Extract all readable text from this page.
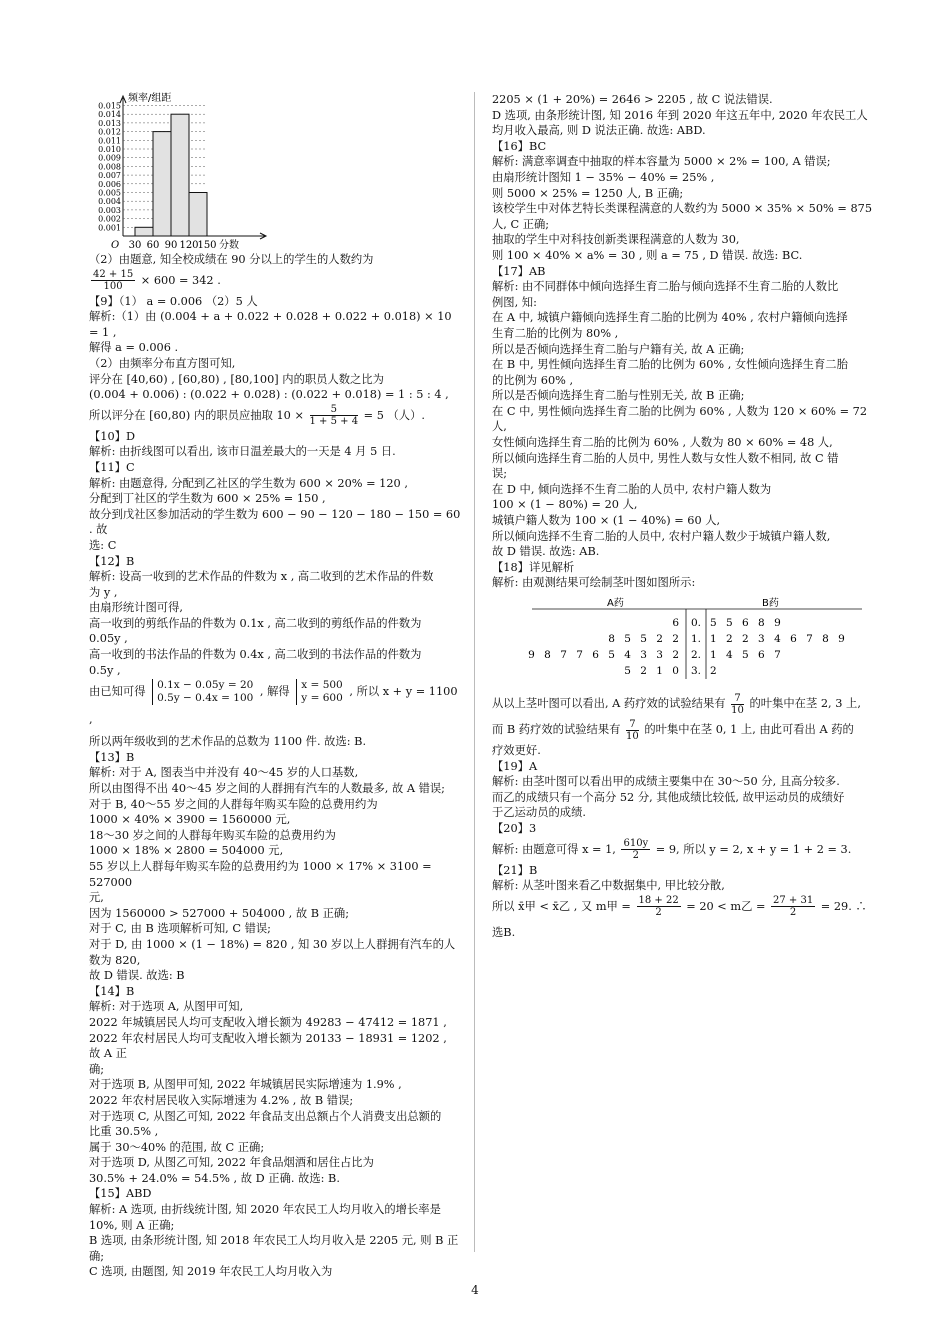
频率/组距
O
0.015
0.014
0.013
0.012
0.011
0.010
0.009
0.008
0.007
0.006
0.005
0.004
0.003
0.002
0.001
30 60 90 120
150 分数

（2）由题意, 知全校成绩在 90 分以上的学生的人数约为

$\frac{42 + 15}{100} \times 600 = 342$ .

【9】（1） a = 0.006 （2）5 人

解析:（1）由 (0.004 + a + 0.022 + 0.028 + 0.022 + 0.018) × 10 = 1 ,

解得 a = 0.006 .

（2）由频率分布直方图可知,

评分在 [40,60) , [60,80) , [80,100] 内的职员人数之比为

(0.004 + 0.006) : (0.022 + 0.028) : (0.022 + 0.018) = 1 : 5 : 4 ,

所以评分在 [60,80) 内的职员应抽取 $10 \times \frac{5}{1 + 5 + 4} = 5$ （人）.

【10】D

解析: 由折线图可以看出, 该市日温差最大的一天是 4 月 5 日.

【11】C

解析: 由题意得, 分配到乙社区的学生数为 600 × 20% = 120 ,

分配到丁社区的学生数为 600 × 25% = 150 ,

故分到戊社区参加活动的学生数为 600 − 90 − 120 − 180 − 150 = 60 . 故

选: C

【12】B

解析: 设高一收到的艺术作品的件数为 x , 高二收到的艺术作品的件数

为 y ,

由扇形统计图可得,

高一收到的剪纸作品的件数为 0.1x , 高二收到的剪纸作品的件数为

0.05y ,

高一收到的书法作品的件数为 0.4x , 高二收到的书法作品的件数为

0.5y ,

由已知可得 0.1x − 0.05y = 20
0.5y − 0.4x = 100 , 解得 x = 500
y = 600 , 所以 x + y = 1100 ,

所以两年级收到的艺术作品的总数为 1100 件. 故选: B.

【13】B

解析: 对于 A, 图表当中并没有 40～45 岁的人口基数,

所以由图得不出 40～45 岁之间的人群拥有汽车的人数最多, 故 A 错误;

对于 B, 40～55 岁之间的人群每年购买车险的总费用约为

1000 × 40% × 3900 = 1560000 元,

18～30 岁之间的人群每年购买车险的总费用约为

1000 × 18% × 2800 = 504000 元,

55 岁以上人群每年购买车险的总费用约为 1000 × 17% × 3100 = 527000

元,

因为 1560000 > 527000 + 504000 , 故 B 正确;

对于 C, 由 B 选项解析可知, C 错误;

对于 D, 由 1000 × (1 − 18%) = 820 , 知 30 岁以上人群拥有汽车的人数为 820,

故 D 错误. 故选: B

【14】B

解析: 对于选项 A, 从图甲可知,

2022 年城镇居民人均可支配收入增长额为 49283 − 47412 = 1871 ,

2022 年农村居民人均可支配收入增长额为 20133 − 18931 = 1202 , 故 A 正

确;

对于选项 B, 从图甲可知, 2022 年城镇居民实际增速为 1.9% ,

2022 年农村居民收入实际增速为 4.2% , 故 B 错误;

对于选项 C, 从图乙可知, 2022 年食品支出总额占个人消费支出总额的

比重 30.5% ,

属于 30～40% 的范围, 故 C 正确;

对于选项 D, 从图乙可知, 2022 年食品烟酒和居住占比为

30.5% + 24.0% = 54.5% , 故 D 正确. 故选: B.

【15】ABD

解析: A 选项, 由折线统计图, 知 2020 年农民工人均月收入的增长率是

10%, 则 A 正确;

B 选项, 由条形统计图, 知 2018 年农民工人均月收入是 2205 元, 则 B 正

确;

C 选项, 由题图, 知 2019 年农民工人均月收入为

2205 × (1 + 20%) = 2646 > 2205 , 故 C 说法错误.

D 选项, 由条形统计图, 知 2016 年到 2020 年这五年中, 2020 年农民工人

均月收入最高, 则 D 说法正确. 故选: ABD.

【16】BC

解析: 满意率调查中抽取的样本容量为 5000 × 2% = 100, A 错误;

由扇形统计图知 1 − 35% − 40% = 25% ,

则 5000 × 25% = 1250 人, B 正确;

该校学生中对体艺特长类课程满意的人数约为 5000 × 35% × 50% = 875

人, C 正确;

抽取的学生中对科技创新类课程满意的人数为 30,

则 100 × 40% × a% = 30 , 则 a = 75 , D 错误. 故选: BC.

【17】AB

解析: 由不同群体中倾向选择生育二胎与倾向选择不生育二胎的人数比

例图, 知:

在 A 中, 城镇户籍倾向选择生育二胎的比例为 40% , 农村户籍倾向选择

生育二胎的比例为 80% ,

所以是否倾向选择生育二胎与户籍有关, 故 A 正确;

在 B 中, 男性倾向选择生育二胎的比例为 60% , 女性倾向选择生育二胎

的比例为 60% ,

所以是否倾向选择生育二胎与性别无关, 故 B 正确;

在 C 中, 男性倾向选择生育二胎的比例为 60% , 人数为 120 × 60% = 72

人,

女性倾向选择生育二胎的比例为 60% , 人数为 80 × 60% = 48 人,

所以倾向选择生育二胎的人员中, 男性人数与女性人数不相同, 故 C 错

误;

在 D 中, 倾向选择不生育二胎的人员中, 农村户籍人数为

100 × (1 − 80%) = 20 人,

城镇户籍人数为 100 × (1 − 40%) = 60 人,

所以倾向选择不生育二胎的人员中, 农村户籍人数少于城镇户籍人数,

故 D 错误. 故选: AB.

【18】详见解析

解析: 由观测结果可绘制茎叶图如图所示:

A药	B药
6 0. 5 5 6 8 9
8 5 5 2 2 1. 1 2 2 3 4 6 7 8 9
9 8 7 7 6 5 4 3 3 2 2. 1 4 5 6 7
5 2 1 0 3. 2

从以上茎叶图可以看出, A 药疗效的试验结果有 $\frac{7}{10}$ 的叶集中在茎 2, 3 上,

而 B 药疗效的试验结果有 $\frac{7}{10}$ 的叶集中在茎 0, 1 上, 由此可看出 A 药的

疗效更好.

【19】A

解析: 由茎叶图可以看出甲的成绩主要集中在 30～50 分, 且高分较多.

而乙的成绩只有一个高分 52 分, 其他成绩比较低, 故甲运动员的成绩好

于乙运动员的成绩.

【20】3

解析: 由题意可得 x = 1, $\frac{610y}{2} = 9$, 所以 y = 2, x + y = 1 + 2 = 3.

【21】B

解析: 从茎叶图来看乙中数据集中, 甲比较分散,

所以 x̄甲 < x̄乙 , 又 m甲 = $\frac{18 + 22}{2} = 20 < m$乙 = $\frac{27 + 31}{2} = 29$. ∴ 选B.

4
